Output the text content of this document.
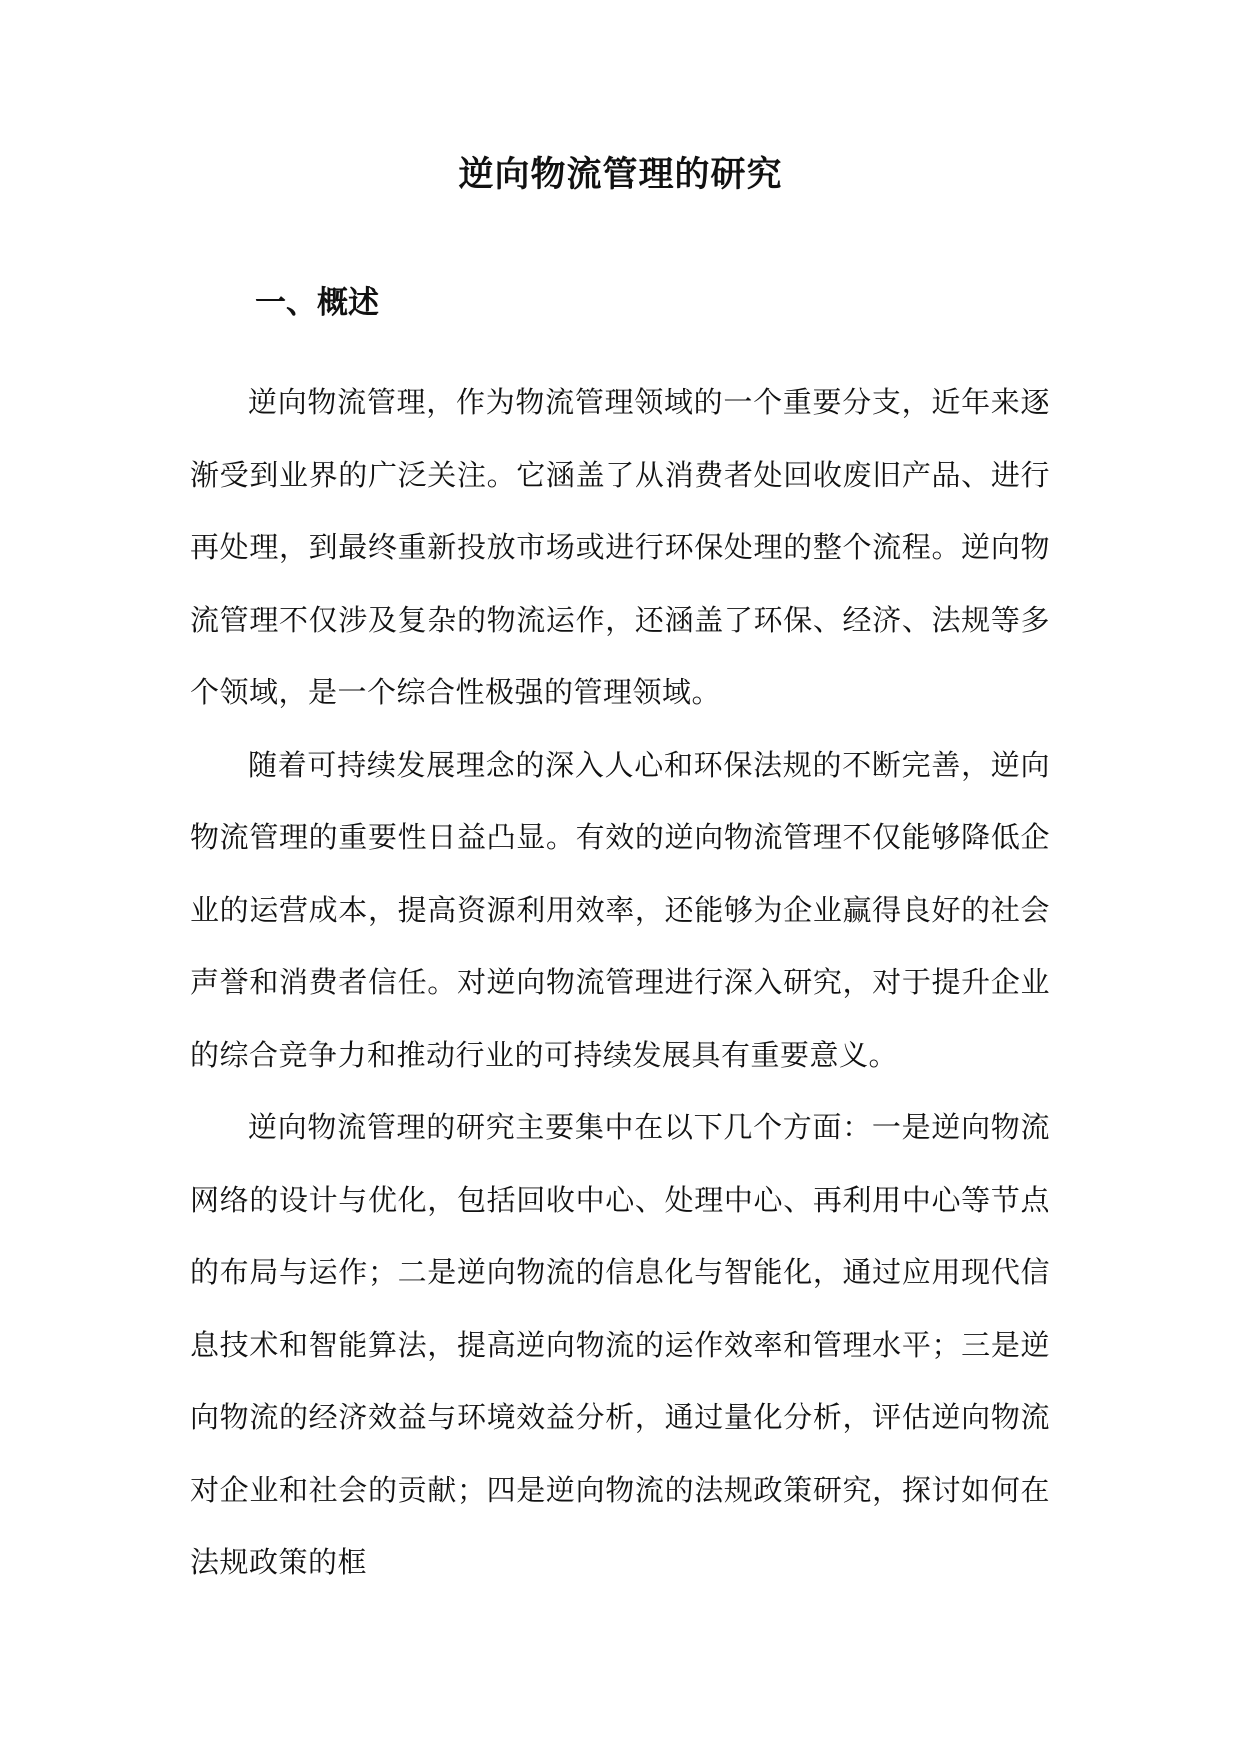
逆向物流管理的研究
一、概述

逆向物流管理，作为物流管理领域的一个重要分支，近年来逐渐受到业界的广泛关注。它涵盖了从消费者处回收废旧产品、进行再处理，到最终重新投放市场或进行环保处理的整个流程。逆向物流管理不仅涉及复杂的物流运作，还涵盖了环保、经济、法规等多个领域，是一个综合性极强的管理领域。

随着可持续发展理念的深入人心和环保法规的不断完善，逆向物流管理的重要性日益凸显。有效的逆向物流管理不仅能够降低企业的运营成本，提高资源利用效率，还能够为企业赢得良好的社会声誉和消费者信任。对逆向物流管理进行深入研究，对于提升企业的综合竞争力和推动行业的可持续发展具有重要意义。

逆向物流管理的研究主要集中在以下几个方面：一是逆向物流网络的设计与优化，包括回收中心、处理中心、再利用中心等节点的布局与运作；二是逆向物流的信息化与智能化，通过应用现代信息技术和智能算法，提高逆向物流的运作效率和管理水平；三是逆向物流的经济效益与环境效益分析，通过量化分析，评估逆向物流对企业和社会的贡献；四是逆向物流的法规政策研究，探讨如何在法规政策的框
